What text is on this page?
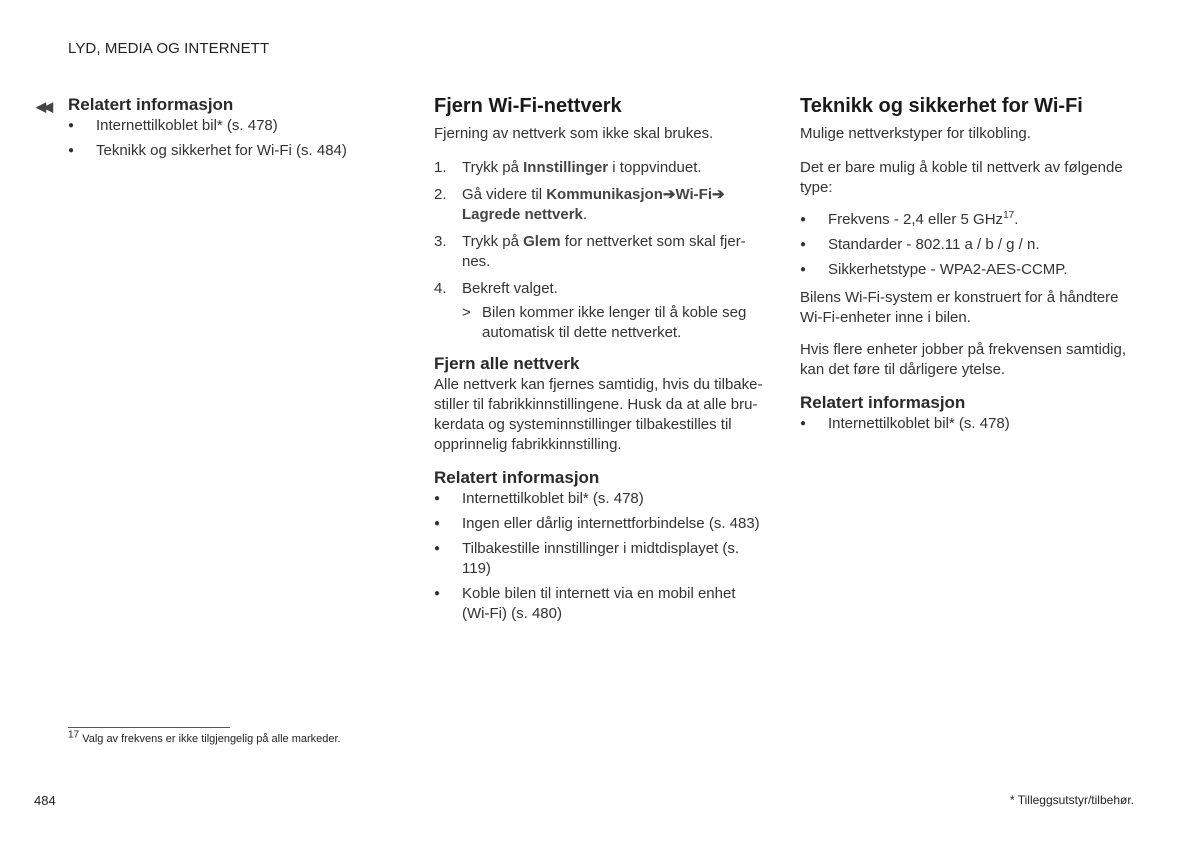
LYD, MEDIA OG INTERNETT
◀◀ Relatert informasjon
● Internettilkoblet bil* (s. 478)
● Teknikk og sikkerhet for Wi-Fi (s. 484)
Fjern Wi-Fi-nettverk

Fjerning av nettverk som ikke skal brukes.

1. Trykk på Innstillinger i toppvinduet.
2. Gå videre til Kommunikasjon➔Wi-Fi➔
Lagrede nettverk.
3. Trykk på Glem for nettverket som skal fjer-nes.
4. Bekreft valget.
> Bilen kommer ikke lenger til å koble seg automatisk til dette nettverket.
Fjern alle nettverk

Alle nettverk kan fjernes samtidig, hvis du tilbake-stiller til fabrikkinnstillingene. Husk da at alle bru-kerdata og systeminnstillinger tilbakestilles til opprinnelig fabrikkinnstilling.

Relatert informasjon
● Internettilkoblet bil* (s. 478)
● Ingen eller dårlig internettforbindelse (s. 483)
● Tilbakestille innstillinger i midtdisplayet (s. 119)
● Koble bilen til internett via en mobil enhet (Wi-Fi) (s. 480)
Teknikk og sikkerhet for Wi-Fi

Mulige nettverkstyper for tilkobling.

Det er bare mulig å koble til nettverk av følgende type:

● Frekvens - 2,4 eller 5 GHz$^{17}$.
● Standarder - 802.11 a / b / g / n.
● Sikkerhetstype - WPA2-AES-CCMP.

Bilens Wi-Fi-system er konstruert for å håndtere Wi-Fi-enheter inne i bilen.

Hvis flere enheter jobber på frekvensen samtidig, kan det føre til dårligere ytelse.

Relatert informasjon
● Internettilkoblet bil* (s. 478)
$^{17}$ Valg av frekvens er ikke tilgjengelig på alle markeder.
484	* Tilleggsutstyr/tilbehør.
